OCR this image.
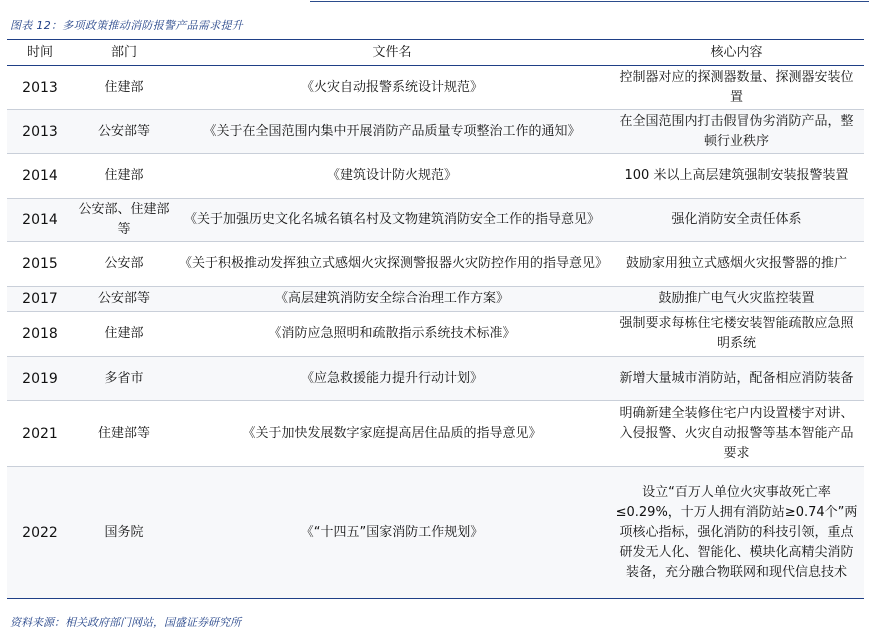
图表 12：多项政策推动消防报警产品需求提升
时间	部门	文件名	核心内容
2013	住建部	《火灾自动报警系统设计规范》	控制器对应的探测器数量、探测器安装位置
2013	公安部等	《关于在全国范围内集中开展消防产品质量专项整治工作的通知》	在全国范围内打击假冒伪劣消防产品，整顿行业秩序
2014	住建部	《建筑设计防火规范》	100 米以上高层建筑强制安装报警装置
2014	公安部、住建部等	《关于加强历史文化名城名镇名村及文物建筑消防安全工作的指导意见》	强化消防安全责任体系
2015	公安部	《关于积极推动发挥独立式感烟火灾探测警报器火灾防控作用的指导意见》	鼓励家用独立式感烟火灾报警器的推广
2017	公安部等	《高层建筑消防安全综合治理工作方案》	鼓励推广电气火灾监控装置
2018	住建部	《消防应急照明和疏散指示系统技术标准》	强制要求每栋住宅楼安装智能疏散应急照明系统
2019	多省市	《应急救援能力提升行动计划》	新增大量城市消防站，配备相应消防装备
2021	住建部等	《关于加快发展数字家庭提高居住品质的指导意见》	明确新建全装修住宅户内设置楼宇对讲、入侵报警、火灾自动报警等基本智能产品要求
2022	国务院	《“十四五”国家消防工作规划》	设立“百万人单位火灾事故死亡率≤0.29%，十万人拥有消防站≥0.74个”两项核心指标，强化消防的科技引领，重点研发无人化、智能化、模块化高精尖消防装备，充分融合物联网和现代信息技术
资料来源：相关政府部门网站，国盛证券研究所
